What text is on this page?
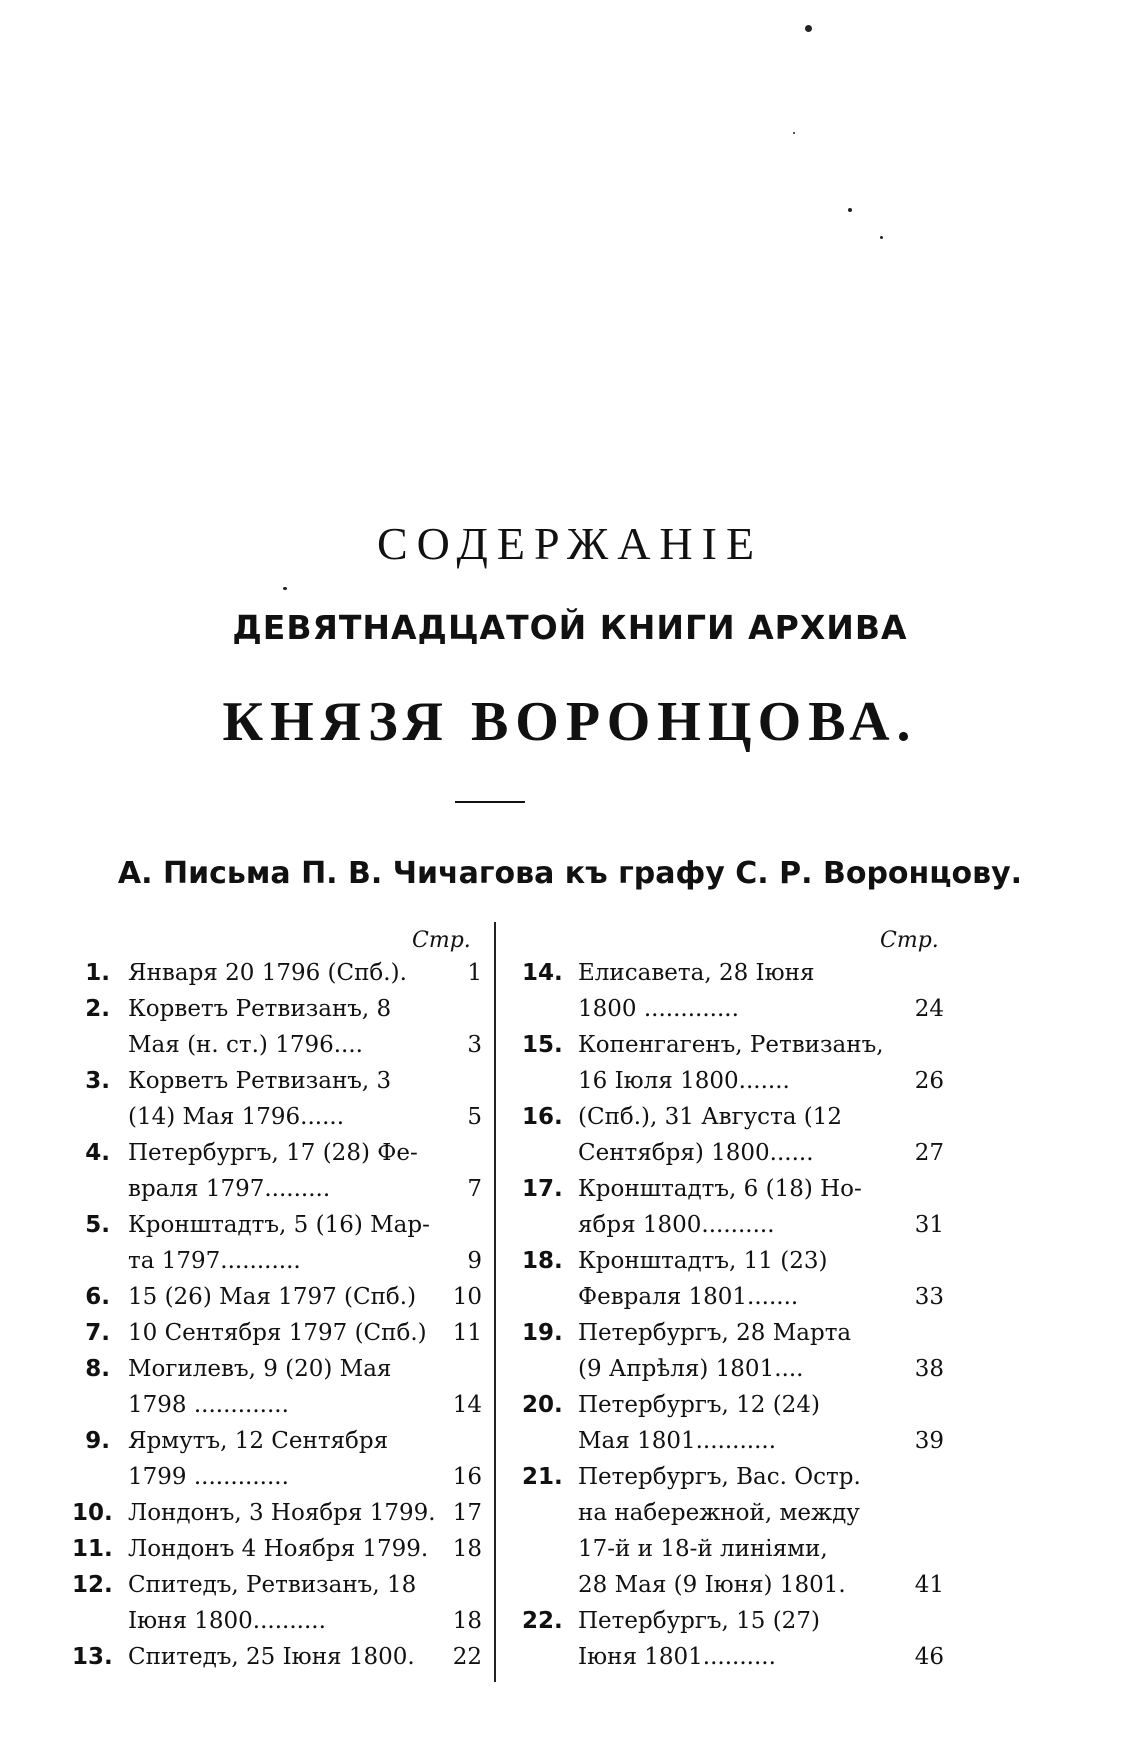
СОДЕРЖАНІЕ
ДЕВЯТНАДЦАТОЙ КНИГИ АРХИВА
КНЯЗЯ ВОРОНЦОВА.
А. Письма П. В. Чичагова къ графу С. Р. Воронцову.
Стр.	Стр.
1. Января 20 1796 (Спб.).	1
2. Корветъ Ретвизанъ, 8
Мая (н. ст.) 1796....	3
3. Корветъ Ретвизанъ, 3
(14) Мая 1796......	5
4. Петербургъ, 17 (28) Фе-
враля 1797.........	7
5. Кронштадтъ, 5 (16) Мар-
та 1797...........	9
6. 15 (26) Мая 1797 (Спб.)	10
7. 10 Сентября 1797 (Спб.)	11
8. Могилевъ, 9 (20) Мая
1798 .............	14
9. Ярмутъ, 12 Сентября
1799 .............	16
10. Лондонъ, 3 Ноября 1799. 17
11. Лондонъ 4 Ноября 1799.	18
12. Спитедъ, Ретвизанъ, 18
Іюня 1800..........	18
13. Спитедъ, 25 Іюня 1800.	22
14. Елисавета, 28 Іюня
1800 .............	24
15. Копенгагенъ, Ретвизанъ,
16 Іюля 1800.......	26
16. (Спб.), 31 Августа (12
Сентября) 1800......	27
17. Кронштадтъ, 6 (18) Но-
ября 1800..........	31
18. Кронштадтъ, 11 (23)
Февраля 1801.......	33
19. Петербургъ, 28 Марта
(9 Апрѣля) 1801....	38
20. Петербургъ, 12 (24)
Мая 1801...........	39
21. Петербургъ, Вас. Остр.
на набережной, между
17-й и 18-й линіями,
28 Мая (9 Іюня) 1801.	41
22. Петербургъ, 15 (27)
Іюня 1801..........	46
